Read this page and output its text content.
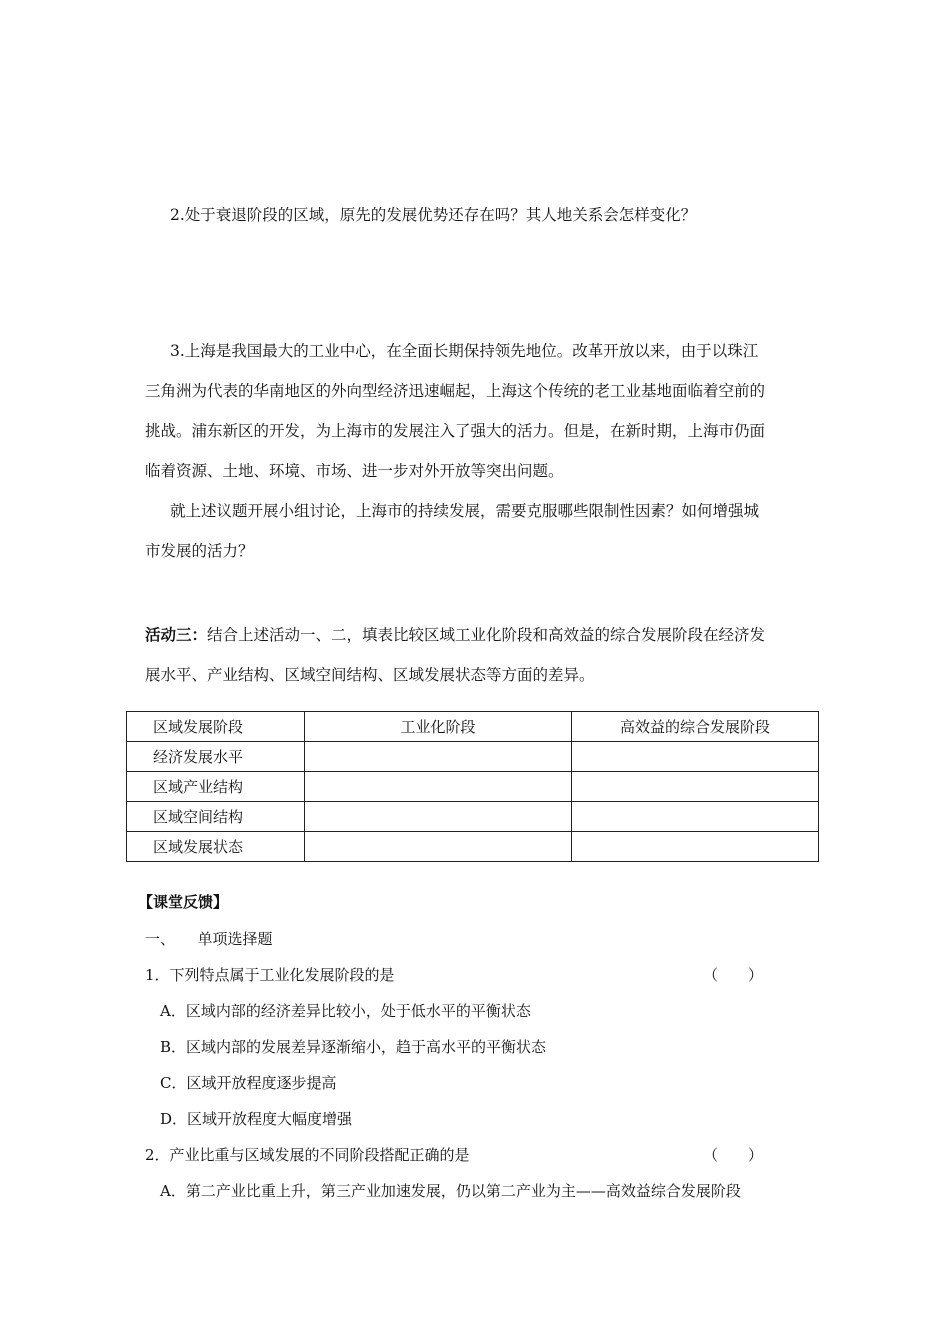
2.处于衰退阶段的区域，原先的发展优势还存在吗？其人地关系会怎样变化？
3.上海是我国最大的工业中心，在全面长期保持领先地位。改革开放以来，由于以珠江
三角洲为代表的华南地区的外向型经济迅速崛起，上海这个传统的老工业基地面临着空前的
挑战。浦东新区的开发，为上海市的发展注入了强大的活力。但是，在新时期，上海市仍面
临着资源、土地、环境、市场、进一步对外开放等突出问题。
就上述议题开展小组讨论，上海市的持续发展，需要克服哪些限制性因素？如何增强城
市发展的活力？
活动三：结合上述活动一、二，填表比较区域工业化阶段和高效益的综合发展阶段在经济发
展水平、产业结构、区域空间结构、区域发展状态等方面的差异。
区域发展阶段	工业化阶段	高效益的综合发展阶段
经济发展水平		
区域产业结构		
区域空间结构		
区域发展状态		
【课堂反馈】
一、　　单项选择题
1．下列特点属于工业化发展阶段的是	（　　）
A．区域内部的经济差异比较小，处于低水平的平衡状态
B．区域内部的发展差异逐渐缩小，趋于高水平的平衡状态
C．区域开放程度逐步提高
D．区域开放程度大幅度增强
2．产业比重与区域发展的不同阶段搭配正确的是	（　　）
A．第二产业比重上升，第三产业加速发展，仍以第二产业为主——高效益综合发展阶段
